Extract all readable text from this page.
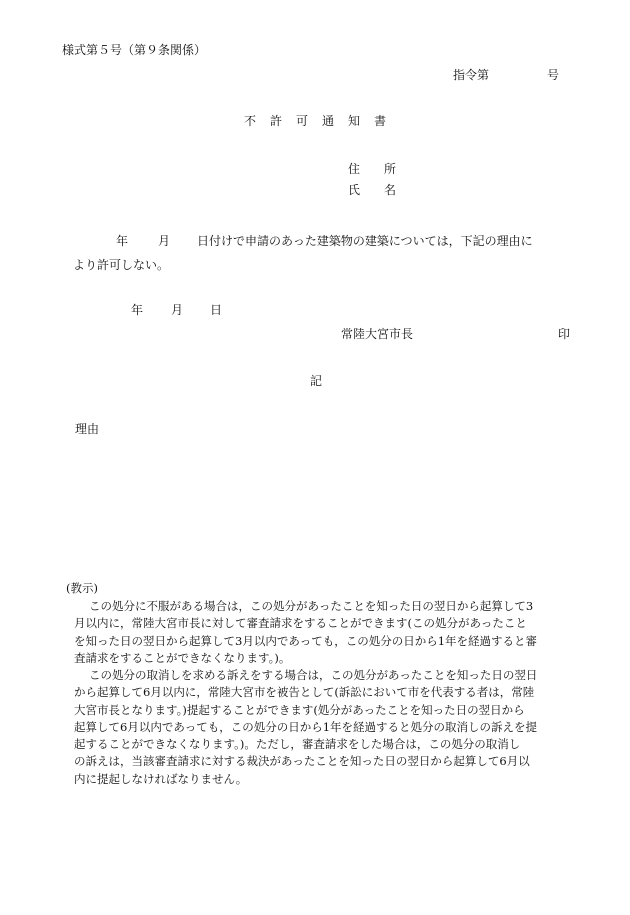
様式第５号（第９条関係）
指令第	号
不　許　可　通　知　書
住　　所
氏　　名
年 月 日付けで申請のあった建築物の建築については，下記の理由に
より許可しない。
年 月 日
常陸大宮市長	印
記
理由
(教示)
この処分に不服がある場合は，この処分があったことを知った日の翌日から起算して3
月以内に，常陸大宮市長に対して審査請求をすることができます(この処分があったこと
を知った日の翌日から起算して3月以内であっても，この処分の日から1年を経過すると審
査請求をすることができなくなります。)。
この処分の取消しを求める訴えをする場合は，この処分があったことを知った日の翌日
から起算して6月以内に，常陸大宮市を被告として(訴訟において市を代表する者は，常陸
大宮市長となります。)提起することができます(処分があったことを知った日の翌日から
起算して6月以内であっても，この処分の日から1年を経過すると処分の取消しの訴えを提
起することができなくなります。)。ただし，審査請求をした場合は，この処分の取消し
の訴えは，当該審査請求に対する裁決があったことを知った日の翌日から起算して6月以
内に提起しなければなりません。
